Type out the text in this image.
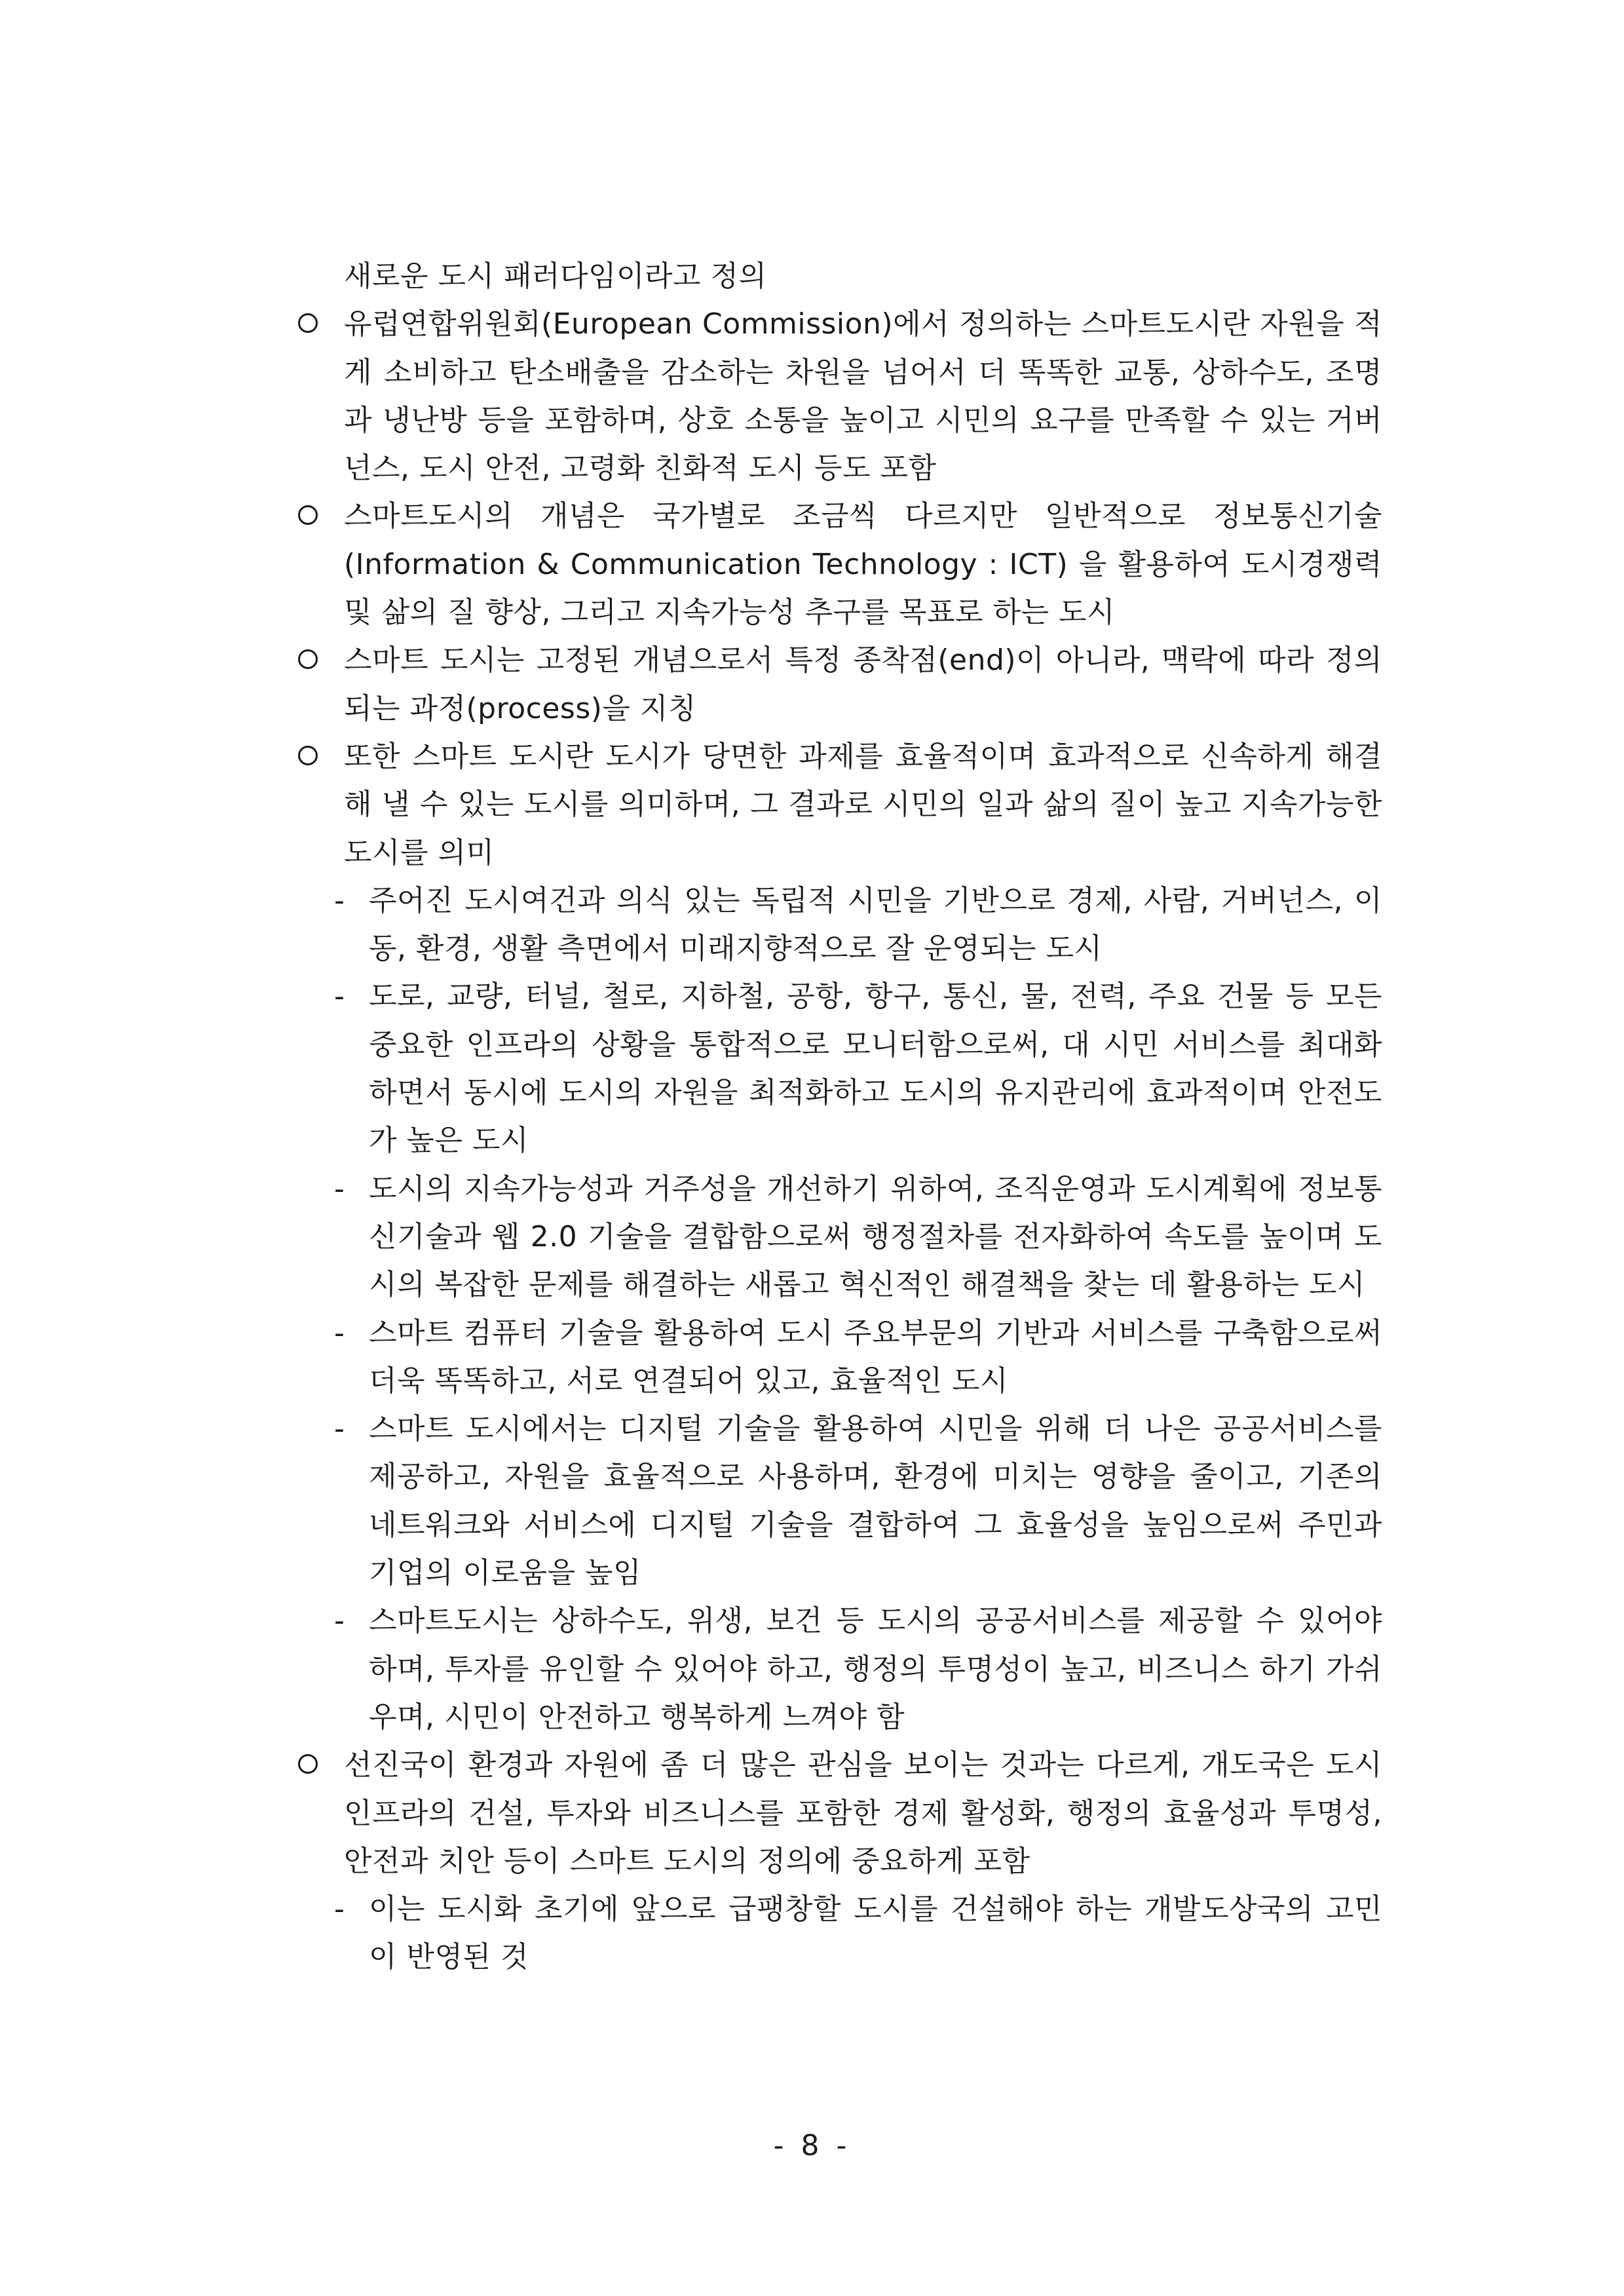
새로운 도시 패러다임이라고 정의
유럽연합위원회(European Commission)에서 정의하는 스마트도시란 자원을 적게 소비하고 탄소배출을 감소하는 차원을 넘어서 더 똑똑한 교통, 상하수도, 조명과 냉난방 등을 포함하며, 상호 소통을 높이고 시민의 요구를 만족할 수 있는 거버넌스, 도시 안전, 고령화 친화적 도시 등도 포함
스마트도시의 개념은 국가별로 조금씩 다르지만 일반적으로 정보통신기술(Information & Communication Technology : ICT) 을 활용하여 도시경쟁력 및 삶의 질 향상, 그리고 지속가능성 추구를 목표로 하는 도시
스마트 도시는 고정된 개념으로서 특정 종착점(end)이 아니라, 맥락에 따라 정의되는 과정(process)을 지칭
또한 스마트 도시란 도시가 당면한 과제를 효율적이며 효과적으로 신속하게 해결해 낼 수 있는 도시를 의미하며, 그 결과로 시민의 일과 삶의 질이 높고 지속가능한 도시를 의미
- 주어진 도시여건과 의식 있는 독립적 시민을 기반으로 경제, 사람, 거버넌스, 이동, 환경, 생활 측면에서 미래지향적으로 잘 운영되는 도시
- 도로, 교량, 터널, 철로, 지하철, 공항, 항구, 통신, 물, 전력, 주요 건물 등 모든 중요한 인프라의 상황을 통합적으로 모니터함으로써, 대 시민 서비스를 최대화 하면서 동시에 도시의 자원을 최적화하고 도시의 유지관리에 효과적이며 안전도가 높은 도시
- 도시의 지속가능성과 거주성을 개선하기 위하여, 조직운영과 도시계획에 정보통신기술과 웹 2.0 기술을 결합함으로써 행정절차를 전자화하여 속도를 높이며 도시의 복잡한 문제를 해결하는 새롭고 혁신적인 해결책을 찾는 데 활용하는 도시
- 스마트 컴퓨터 기술을 활용하여 도시 주요부문의 기반과 서비스를 구축함으로써 더욱 똑똑하고, 서로 연결되어 있고, 효율적인 도시
- 스마트 도시에서는 디지털 기술을 활용하여 시민을 위해 더 나은 공공서비스를 제공하고, 자원을 효율적으로 사용하며, 환경에 미치는 영향을 줄이고, 기존의 네트워크와 서비스에 디지털 기술을 결합하여 그 효율성을 높임으로써 주민과 기업의 이로움을 높임
- 스마트도시는 상하수도, 위생, 보건 등 도시의 공공서비스를 제공할 수 있어야 하며, 투자를 유인할 수 있어야 하고, 행정의 투명성이 높고, 비즈니스 하기 가쉬우며, 시민이 안전하고 행복하게 느껴야 함
선진국이 환경과 자원에 좀 더 많은 관심을 보이는 것과는 다르게, 개도국은 도시 인프라의 건설, 투자와 비즈니스를 포함한 경제 활성화, 행정의 효율성과 투명성, 안전과 치안 등이 스마트 도시의 정의에 중요하게 포함
- 이는 도시화 초기에 앞으로 급팽창할 도시를 건설해야 하는 개발도상국의 고민이 반영된 것
- 8 -
